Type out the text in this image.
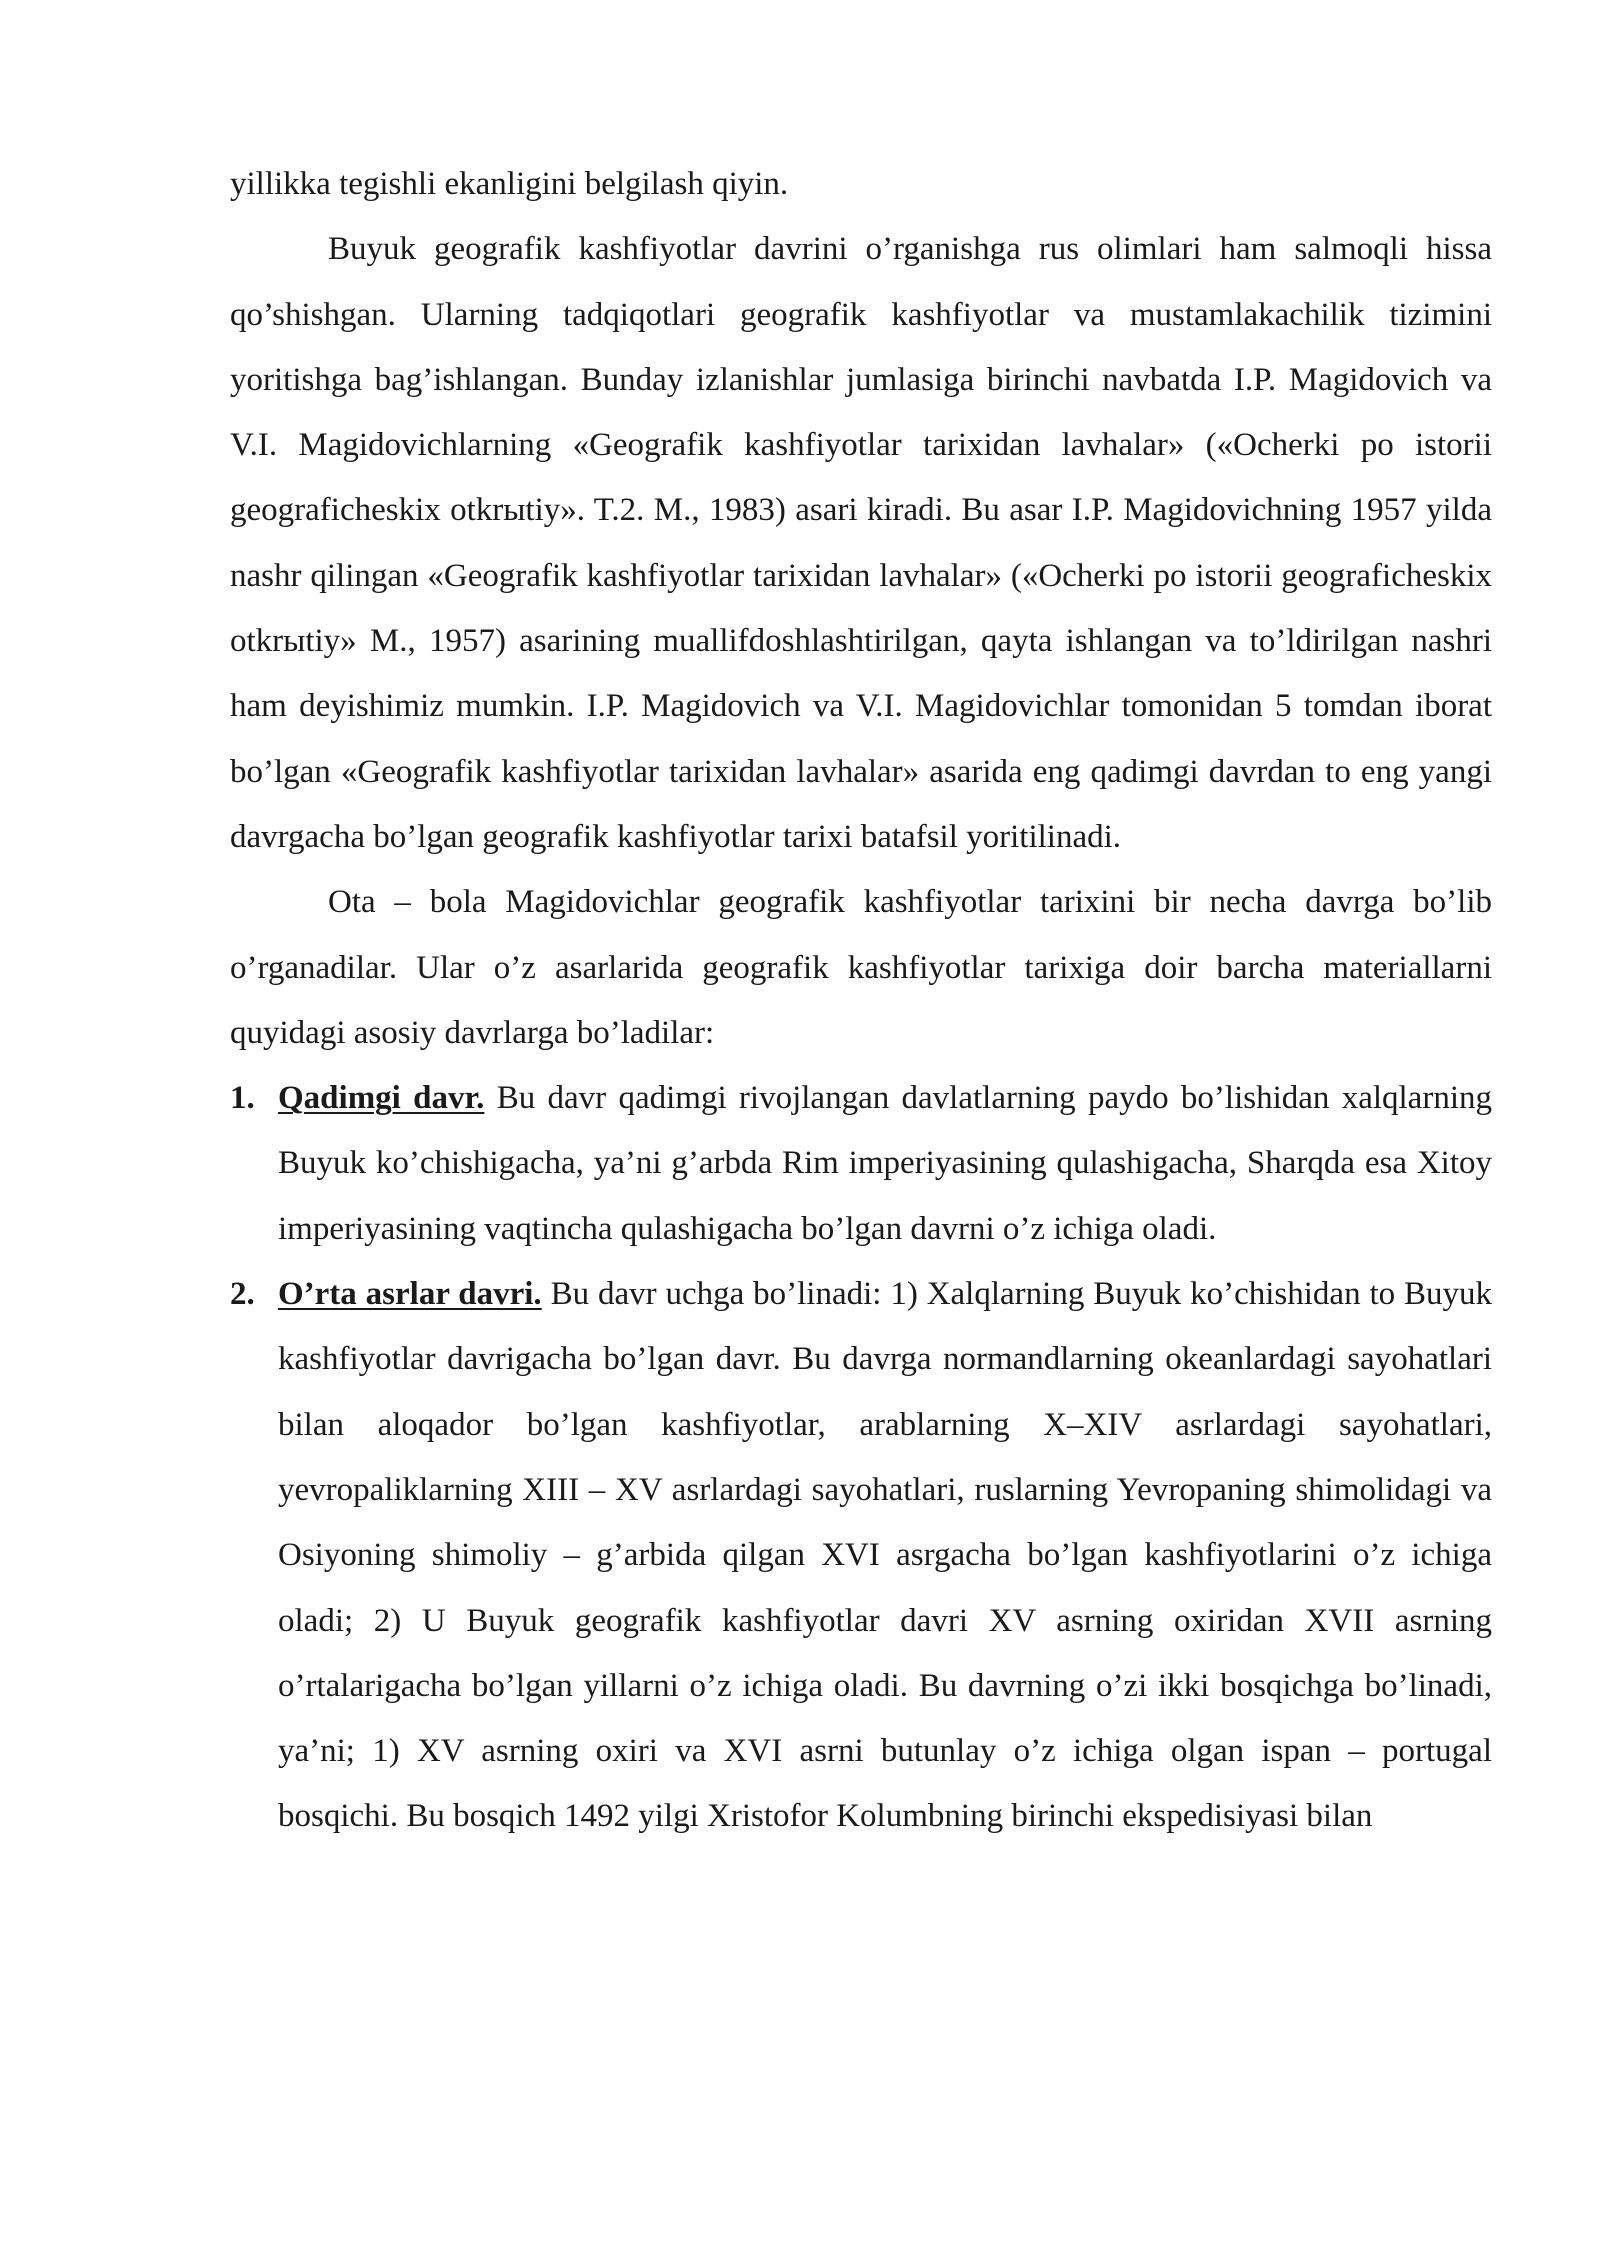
yillikka tegishli ekanligini belgilash qiyin.

Buyuk geografik kashfiyotlar davrini o’rganishga rus olimlari ham salmoqli hissa qo’shishgan. Ularning tadqiqotlari geografik kashfiyotlar va mustamlakachilik tizimini yoritishga bag’ishlangan. Bunday izlanishlar jumlasiga birinchi navbatda I.P. Magidovich va V.I. Magidovichlarning «Geografik kashfiyotlar tarixidan lavhalar» («Ocherki po istorii geograficheskix otkrыtiy». T.2. M., 1983) asari kiradi. Bu asar I.P. Magidovichning 1957 yilda nashr qilingan «Geografik kashfiyotlar tarixidan lavhalar» («Ocherki po istorii geograficheskix otkrыtiy» M., 1957) asarining muallifdoshlashtirilgan, qayta ishlangan va to’ldirilgan nashri ham deyishimiz mumkin. I.P. Magidovich va V.I. Magidovichlar tomonidan 5 tomdan iborat bo’lgan «Geografik kashfiyotlar tarixidan lavhalar» asarida eng qadimgi davrdan to eng yangi davrgacha bo’lgan geografik kashfiyotlar tarixi batafsil yoritilinadi.

Ota – bola Magidovichlar geografik kashfiyotlar tarixini bir necha davrga bo’lib o’rganadilar. Ular o’z asarlarida geografik kashfiyotlar tarixiga doir barcha materiallarni quyidagi asosiy davrlarga bo’ladilar:

1. Qadimgi davr. Bu davr qadimgi rivojlangan davlatlarning paydo bo’lishidan xalqlarning Buyuk ko’chishigacha, ya’ni g’arbda Rim imperiyasining qulashigacha, Sharqda esa Xitoy imperiyasining vaqtincha qulashigacha bo’lgan davrni o’z ichiga oladi.
2. O’rta asrlar davri. Bu davr uchga bo’linadi: 1) Xalqlarning Buyuk ko’chishidan to Buyuk kashfiyotlar davrigacha bo’lgan davr. Bu davrga normandlarning okeanlardagi sayohatlari bilan aloqador bo’lgan kashfiyotlar, arablarning X–XIV asrlardagi sayohatlari, yevropaliklarning XIII – XV asrlardagi sayohatlari, ruslarning Yevropaning shimolidagi va Osiyoning shimoliy – g’arbida qilgan XVI asrgacha bo’lgan kashfiyotlarini o’z ichiga oladi; 2) U Buyuk geografik kashfiyotlar davri XV asrning oxiridan XVII asrning o’rtalarigacha bo’lgan yillarni o’z ichiga oladi. Bu davrning o’zi ikki bosqichga bo’linadi, ya’ni; 1) XV asrning oxiri va XVI asrni butunlay o’z ichiga olgan ispan – portugal bosqichi. Bu bosqich 1492 yilgi Xristofor Kolumbning birinchi ekspedisiyasi bilan
